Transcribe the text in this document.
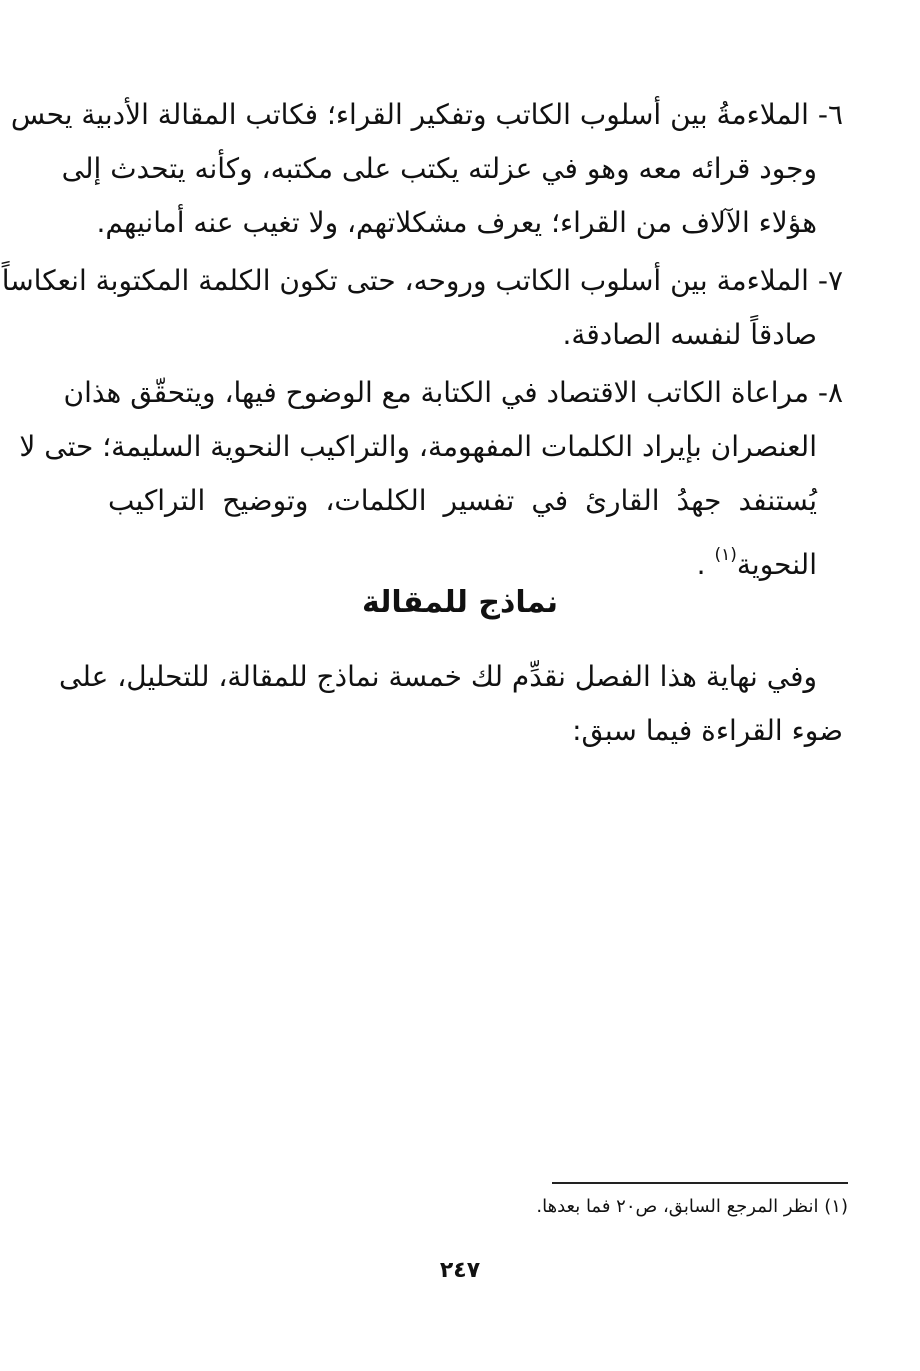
٦- الملاءمةُ بين أسلوب الكاتب وتفكير القراء؛ فكاتب المقالة الأدبية يحس
وجود قرائه معه وهو في عزلته يكتب على مكتبه، وكأنه يتحدث إلى
هؤلاء الآلاف من القراء؛ يعرف مشكلاتهم، ولا تغيب عنه أمانيهم.
٧- الملاءمة بين أسلوب الكاتب وروحه، حتى تكون الكلمة المكتوبة انعكاساً
صادقاً لنفسه الصادقة.
٨- مراعاة الكاتب الاقتصاد في الكتابة مع الوضوح فيها، ويتحقّق هذان
العنصران بإيراد الكلمات المفهومة، والتراكيب النحوية السليمة؛ حتى لا
يُستنفد جهدُ القارئ في تفسير الكلمات، وتوضيح التراكيب
النحوية$^{(١)}$ .
نماذج للمقالة
وفي نهاية هذا الفصل نقدِّم لك خمسة نماذج للمقالة، للتحليل، على
ضوء القراءة فيما سبق:
(١) انظر المرجع السابق، ص٢٠ فما بعدها.
٢٤٧
